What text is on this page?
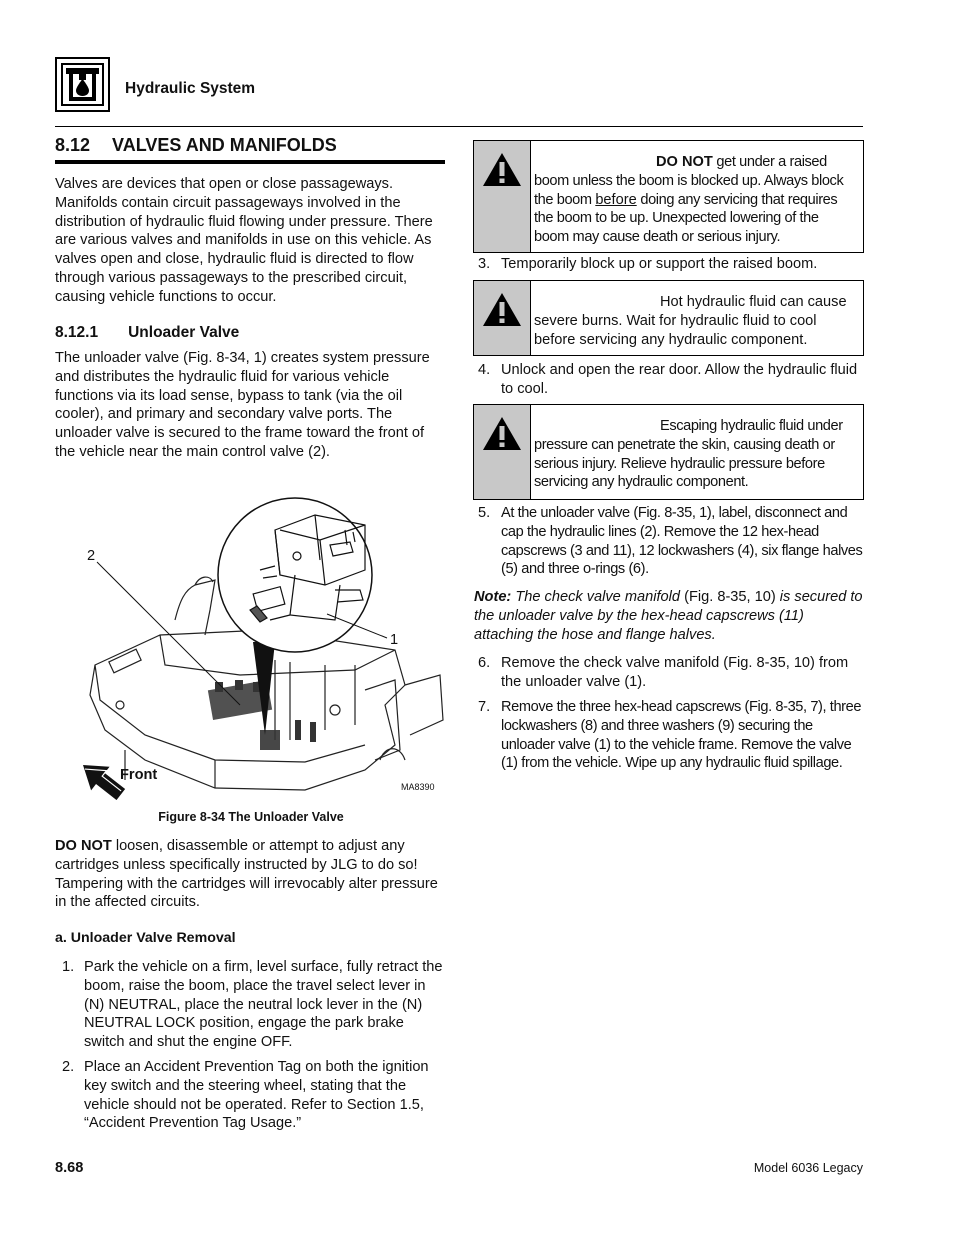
Hydraulic System
8.12 VALVES AND MANIFOLDS

Valves are devices that open or close passageways. Manifolds contain circuit passageways involved in the distribution of hydraulic fluid flowing under pressure. There are various valves and manifolds in use on this vehicle. As valves open and close, hydraulic fluid is directed to flow through various passageways to the prescribed circuit, causing vehicle functions to occur.

8.12.1 Unloader Valve

The unloader valve (Fig. 8-34, 1) creates system pressure and distributes the hydraulic fluid for various vehicle functions via its load sense, bypass to tank (via the oil cooler), and primary and secondary valve ports. The unloader valve is secured to the frame toward the front of the vehicle near the main control valve (2).

2
1
Front
MA8390
Figure 8-34 The Unloader Valve

DO NOT loosen, disassemble or attempt to adjust any cartridges unless specifically instructed by JLG to do so! Tampering with the cartridges will irrevocably alter pressure in the affected circuits.

a. Unloader Valve Removal
1. Park the vehicle on a firm, level surface, fully retract the boom, raise the boom, place the travel select lever in (N) NEUTRAL, place the neutral lock lever in the (N) NEUTRAL LOCK position, engage the park brake switch and shut the engine OFF.
2. Place an Accident Prevention Tag on both the ignition key switch and the steering wheel, stating that the vehicle should not be operated. Refer to Section 1.5, “Accident Prevention Tag Usage.”
DO NOT get under a raised boom unless the boom is blocked up. Always block the boom before doing any servicing that requires the boom to be up. Unexpected lowering of the boom may cause death or serious injury.
3. Temporarily block up or support the raised boom.
Hot hydraulic fluid can cause severe burns. Wait for hydraulic fluid to cool before servicing any hydraulic component.
4. Unlock and open the rear door. Allow the hydraulic fluid to cool.
Escaping hydraulic fluid under pressure can penetrate the skin, causing death or serious injury. Relieve hydraulic pressure before servicing any hydraulic component.
5. At the unloader valve (Fig. 8-35, 1), label, disconnect and cap the hydraulic lines (2). Remove the 12 hex-head capscrews (3 and 11), 12 lockwashers (4), six flange halves (5) and three o-rings (6).

Note: The check valve manifold (Fig. 8-35, 10) is secured to the unloader valve by the hex-head capscrews (11) attaching the hose and flange halves.

6. Remove the check valve manifold (Fig. 8-35, 10) from the unloader valve (1).
7. Remove the three hex-head capscrews (Fig. 8-35, 7), three lockwashers (8) and three washers (9) securing the unloader valve (1) to the vehicle frame. Remove the valve (1) from the vehicle. Wipe up any hydraulic fluid spillage.
8.68	Model 6036 Legacy
